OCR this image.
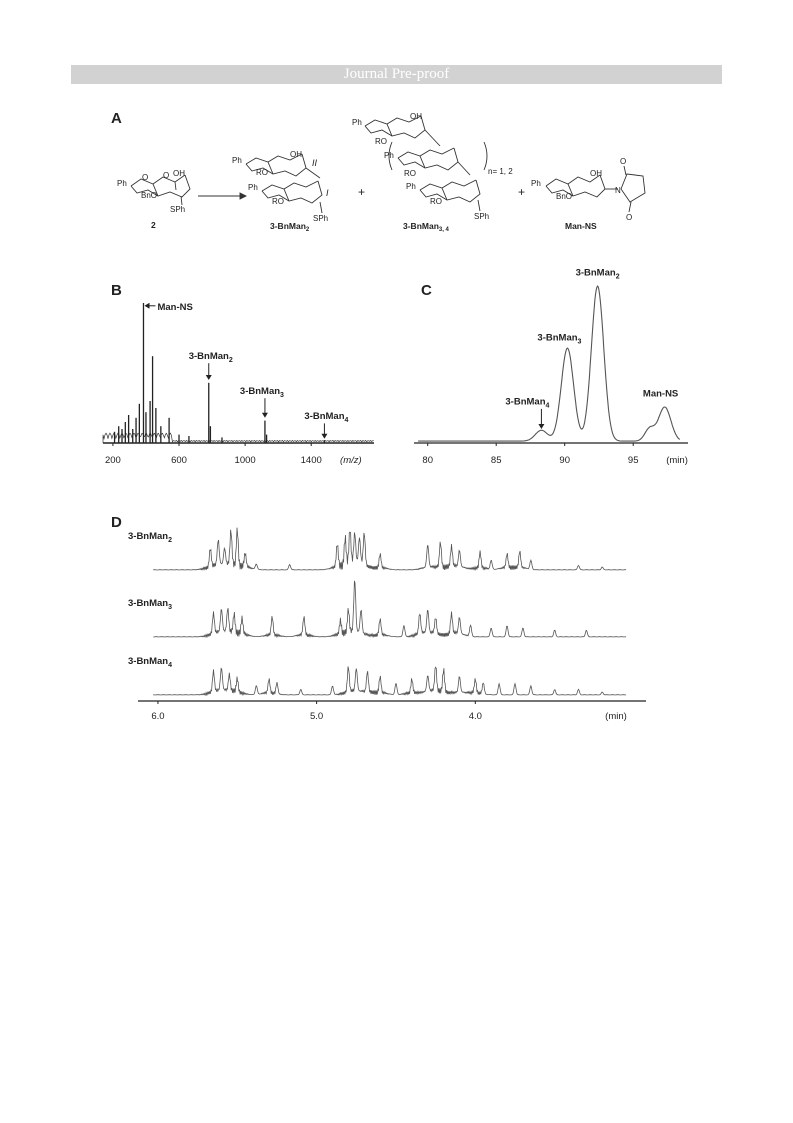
Journal Pre-proof
A
B	C
D
Ph
O O OH
BnO
SPh
2
Ph
OH
RO
II
Ph
RO
I
SPh
3-BnMan$_2$
+
Ph
OH
RO
Ph
RO	n= 1, 2
Ph
RO
SPh
3-BnMan$_{3, 4}$
+
Ph
OH
BnO
N
O
O
Man-NS
200	600	1000	1400 (m/z)
Man-NS
3-BnMan$_2$
3-BnMan$_3$
3-BnMan$_4$
80	85	90	95	(min)
3-BnMan$_4$
3-BnMan$_3$
3-BnMan$_2$
Man-NS
3-BnMan$_2$
3-BnMan$_3$
3-BnMan$_4$
6.0	5.0	4.0	(min)
